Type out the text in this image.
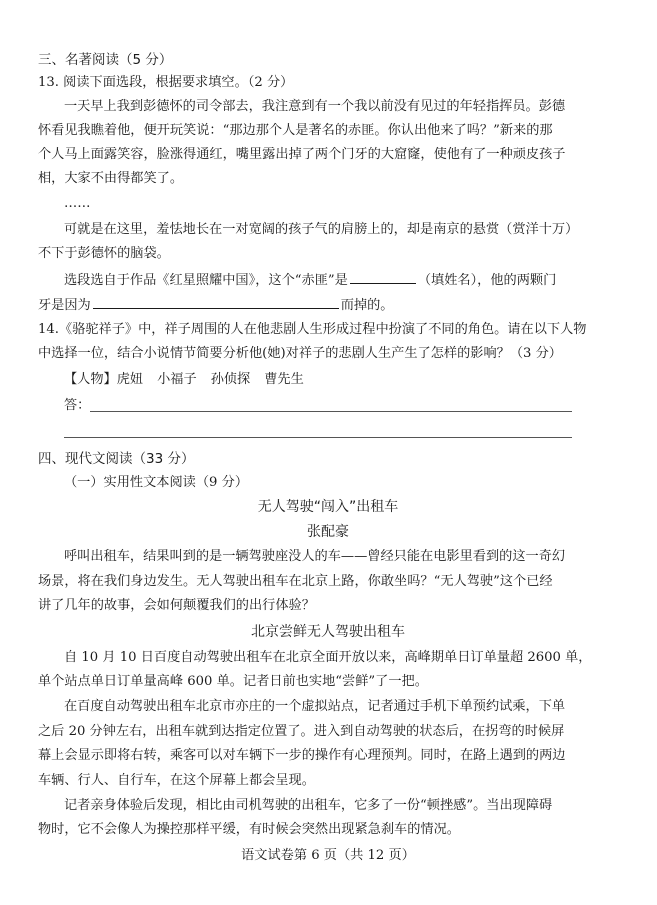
三、名著阅读（5 分）
13. 阅读下面选段，根据要求填空。（2 分）
一天早上我到彭德怀的司令部去，我注意到有一个我以前没有见过的年轻指挥员。彭德
怀看见我瞧着他，便开玩笑说：“那边那个人是著名的赤匪。你认出他来了吗？”新来的那
个人马上面露笑容，脸涨得通红，嘴里露出掉了两个门牙的大窟窿，使他有了一种顽皮孩子
相，大家不由得都笑了。
……
可就是在这里，羞怯地长在一对宽阔的孩子气的肩膀上的，却是南京的悬赏（赏洋十万）
不下于彭德怀的脑袋。
选段选自于作品《红星照耀中国》，这个“赤匪”是	（填姓名），他的两颗门
牙是因为	而掉的。
14.《骆驼祥子》中，祥子周围的人在他悲剧人生形成过程中扮演了不同的角色。请在以下人物
中选择一位，结合小说情节简要分析他(她)对祥子的悲剧人生产生了怎样的影响？（3 分）
【人物】虎妞 小福子 孙侦探 曹先生
答：
四、现代文阅读（33 分）
（一）实用性文本阅读（9 分）
无人驾驶“闯入”出租车
张配豪
呼叫出租车，结果叫到的是一辆驾驶座没人的车——曾经只能在电影里看到的这一奇幻
场景，将在我们身边发生。无人驾驶出租车在北京上路，你敢坐吗？“无人驾驶”这个已经
讲了几年的故事，会如何颠覆我们的出行体验？
北京尝鲜无人驾驶出租车
自 10 月 10 日百度自动驾驶出租车在北京全面开放以来，高峰期单日订单量超 2600 单，
单个站点单日订单量高峰 600 单。记者日前也实地“尝鲜”了一把。
在百度自动驾驶出租车北京市亦庄的一个虚拟站点，记者通过手机下单预约试乘，下单
之后 20 分钟左右，出租车就到达指定位置了。进入到自动驾驶的状态后，在拐弯的时候屏
幕上会显示即将右转，乘客可以对车辆下一步的操作有心理预判。同时，在路上遇到的两边
车辆、行人、自行车，在这个屏幕上都会呈现。
记者亲身体验后发现，相比由司机驾驶的出租车，它多了一份“顿挫感”。当出现障碍
物时，它不会像人为操控那样平缓，有时候会突然出现紧急刹车的情况。
语文试卷第 6 页（共 12 页）
